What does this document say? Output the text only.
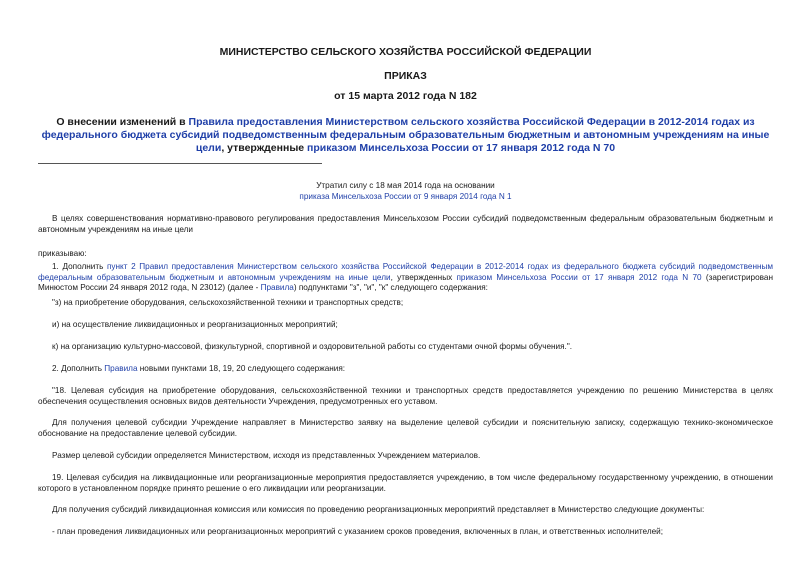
МИНИСТЕРСТВО СЕЛЬСКОГО ХОЗЯЙСТВА РОССИЙСКОЙ ФЕДЕРАЦИИ
ПРИКАЗ
от 15 марта 2012 года N 182
О внесении изменений в Правила предоставления Министерством сельского хозяйства Российской Федерации в 2012-2014 годах из федерального бюджета субсидий подведомственным федеральным образовательным бюджетным и автономным учреждениям на иные цели, утвержденные приказом Минсельхоза России от 17 января 2012 года N 70
Утратил силу с 18 мая 2014 года на основании
приказа Минсельхоза России от 9 января 2014 года N 1
В целях совершенствования нормативно-правового регулирования предоставления Минсельхозом России субсидий подведомственным федеральным образовательным бюджетным и автономным учреждениям на иные цели
приказываю:
1. Дополнить пункт 2 Правил предоставления Министерством сельского хозяйства Российской Федерации в 2012-2014 годах из федерального бюджета субсидий подведомственным федеральным образовательным бюджетным и автономным учреждениям на иные цели, утвержденных приказом Минсельхоза России от 17 января 2012 года N 70 (зарегистрирован Минюстом России 24 января 2012 года, N 23012) (далее - Правила) подпунктами "з", "и", "к" следующего содержания:
"з) на приобретение оборудования, сельскохозяйственной техники и транспортных средств;
и) на осуществление ликвидационных и реорганизационных мероприятий;
к) на организацию культурно-массовой, физкультурной, спортивной и оздоровительной работы со студентами очной формы обучения.".
2. Дополнить Правила новыми пунктами 18, 19, 20 следующего содержания:
"18. Целевая субсидия на приобретение оборудования, сельскохозяйственной техники и транспортных средств предоставляется учреждению по решению Министерства в целях обеспечения осуществления основных видов деятельности Учреждения, предусмотренных его уставом.
Для получения целевой субсидии Учреждение направляет в Министерство заявку на выделение целевой субсидии и пояснительную записку, содержащую технико-экономическое обоснование на предоставление целевой субсидии.
Размер целевой субсидии определяется Министерством, исходя из представленных Учреждением материалов.
19. Целевая субсидия на ликвидационные или реорганизационные мероприятия предоставляется учреждению, в том числе федеральному государственному учреждению, в отношении которого в установленном порядке принято решение о его ликвидации или реорганизации.
Для получения субсидий ликвидационная комиссия или комиссия по проведению реорганизационных мероприятий представляет в Министерство следующие документы:
- план проведения ликвидационных или реорганизационных мероприятий с указанием сроков проведения, включенных в план, и ответственных исполнителей;
